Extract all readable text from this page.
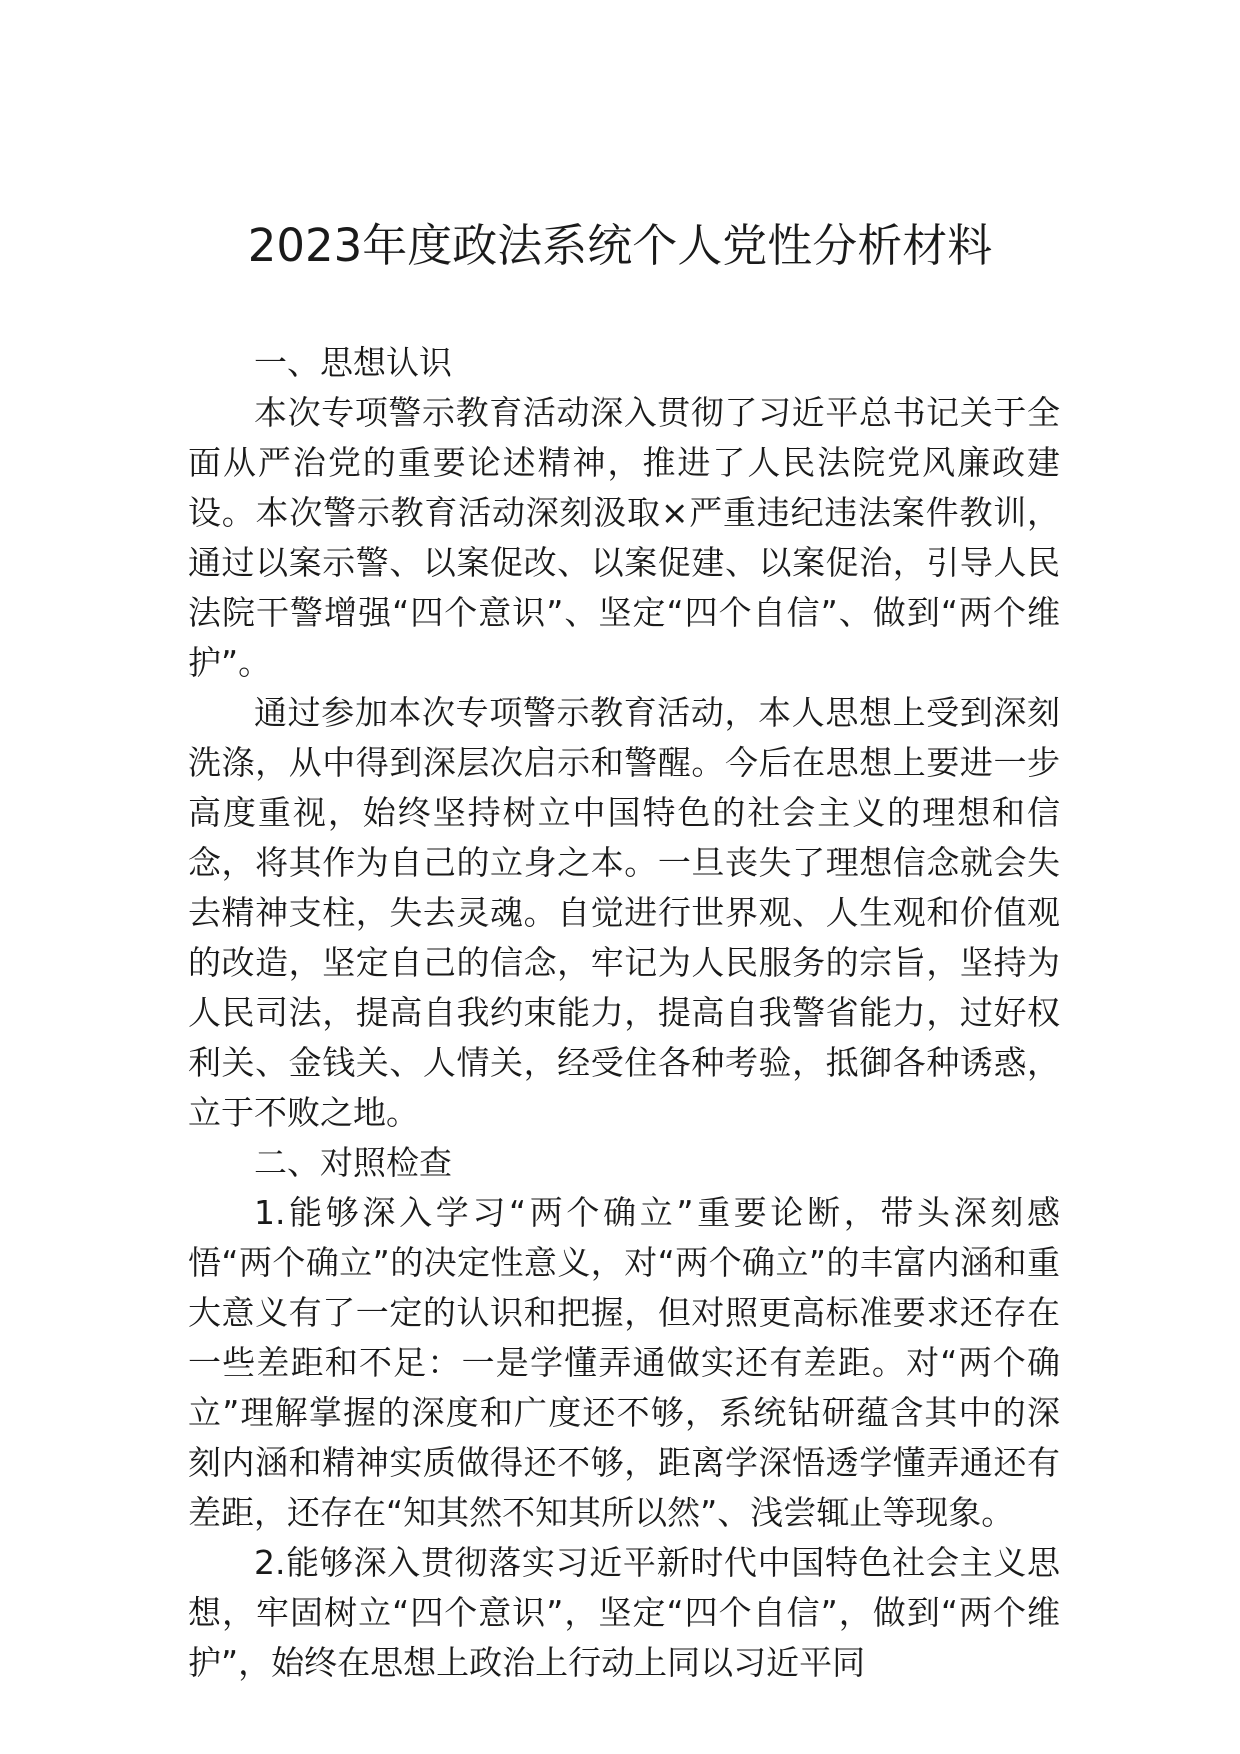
2023年度政法系统个人党性分析材料

一、思想认识

本次专项警示教育活动深入贯彻了习近平总书记关于全面从严治党的重要论述精神，推进了人民法院党风廉政建设。本次警示教育活动深刻汲取×严重违纪违法案件教训，通过以案示警、以案促改、以案促建、以案促治，引导人民法院干警增强“四个意识”、坚定“四个自信”、做到“两个维护”。

通过参加本次专项警示教育活动，本人思想上受到深刻洗涤，从中得到深层次启示和警醒。今后在思想上要进一步高度重视，始终坚持树立中国特色的社会主义的理想和信念，将其作为自己的立身之本。一旦丧失了理想信念就会失去精神支柱，失去灵魂。自觉进行世界观、人生观和价值观的改造，坚定自己的信念，牢记为人民服务的宗旨，坚持为人民司法，提高自我约束能力，提高自我警省能力，过好权利关、金钱关、人情关，经受住各种考验，抵御各种诱惑，立于不败之地。

二、对照检查

1.能够深入学习“两个确立”重要论断，带头深刻感悟“两个确立”的决定性意义，对“两个确立”的丰富内涵和重大意义有了一定的认识和把握，但对照更高标准要求还存在一些差距和不足：一是学懂弄通做实还有差距。对“两个确立”理解掌握的深度和广度还不够，系统钻研蕴含其中的深刻内涵和精神实质做得还不够，距离学深悟透学懂弄通还有差距，还存在“知其然不知其所以然”、浅尝辄止等现象。

2.能够深入贯彻落实习近平新时代中国特色社会主义思想，牢固树立“四个意识”，坚定“四个自信”，做到“两个维护”，始终在思想上政治上行动上同以习近平同
